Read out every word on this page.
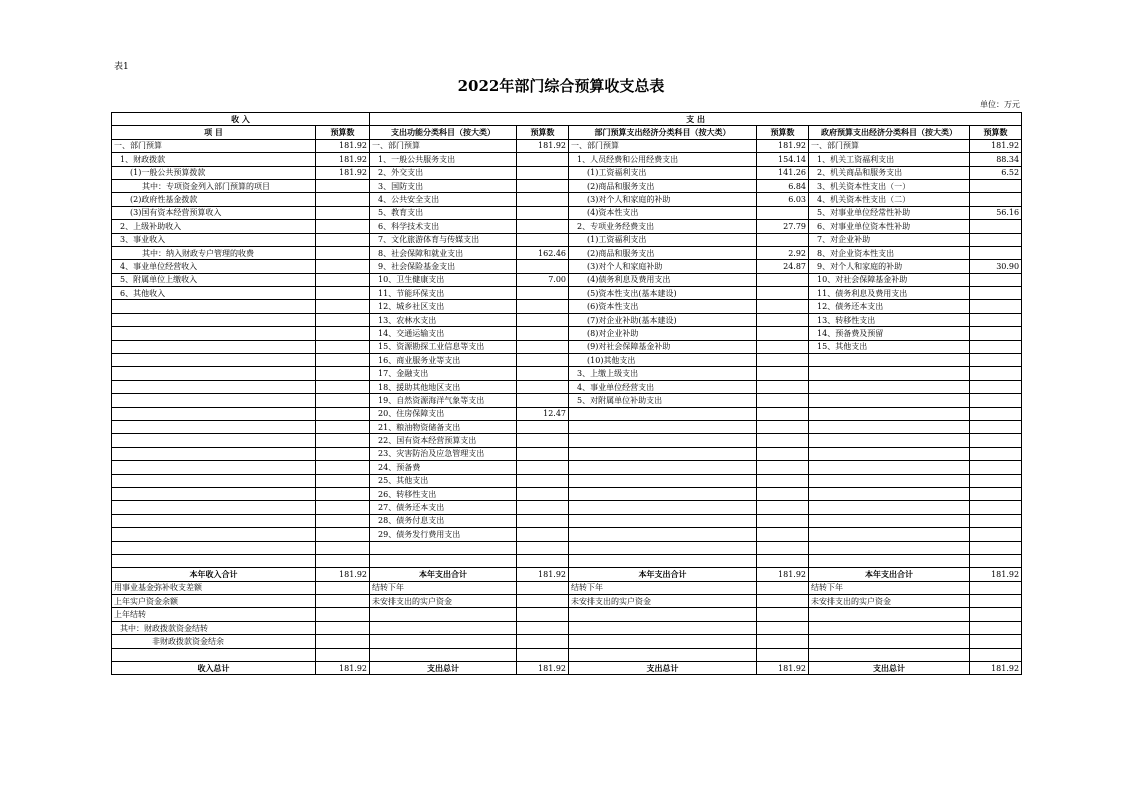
表1
2022年部门综合预算收支总表
单位：万元
收 入		支 出					
项 目	预算数	支出功能分类科目（按大类）	预算数	部门预算支出经济分类科目（按大类）	预算数	政府预算支出经济分类科目（按大类）	预算数
一、部门预算	181.92	一、部门预算	181.92	一、部门预算	181.92	一、部门预算	181.92
1、财政拨款	181.92	1、一般公共服务支出		1、人员经费和公用经费支出	154.14	1、机关工资福利支出	88.34
(1)一般公共预算拨款	181.92	2、外交支出		(1)工资福利支出	141.26	2、机关商品和服务支出	6.52
其中：专项资金列入部门预算的项目		3、国防支出		(2)商品和服务支出	6.84	3、机关资本性支出（一）	
(2)政府性基金拨款		4、公共安全支出		(3)对个人和家庭的补助	6.03	4、机关资本性支出（二）	
(3)国有资本经营预算收入		5、教育支出		(4)资本性支出		5、对事业单位经常性补助	56.16
2、上级补助收入		6、科学技术支出		2、专项业务经费支出	27.79	6、对事业单位资本性补助	
3、事业收入		7、文化旅游体育与传媒支出		(1)工资福利支出		7、对企业补助	
其中：纳入财政专户管理的收费		8、社会保障和就业支出	162.46	(2)商品和服务支出	2.92	8、对企业资本性支出	
4、事业单位经营收入		9、社会保险基金支出		(3)对个人和家庭补助	24.87	9、对个人和家庭的补助	30.90
5、附属单位上缴收入		10、卫生健康支出	7.00	(4)债务利息及费用支出		10、对社会保障基金补助	
6、其他收入		11、节能环保支出		(5)资本性支出(基本建设)		11、债务利息及费用支出	
		12、城乡社区支出		(6)资本性支出		12、债务还本支出	
		13、农林水支出		(7)对企业补助(基本建设)		13、转移性支出	
		14、交通运输支出		(8)对企业补助		14、预备费及预留	
		15、资源勘探工业信息等支出		(9)对社会保障基金补助		15、其他支出	
		16、商业服务业等支出		(10)其他支出			
		17、金融支出		3、上缴上级支出			
		18、援助其他地区支出		4、事业单位经营支出			
		19、自然资源海洋气象等支出		5、对附属单位补助支出			
		20、住房保障支出	12.47				
		21、粮油物资储备支出					
		22、国有资本经营预算支出					
		23、灾害防治及应急管理支出					
		24、预备费					
		25、其他支出					
		26、转移性支出					
		27、债务还本支出					
		28、债务付息支出					
		29、债务发行费用支出					

本年收入合计	181.92	本年支出合计	181.92	本年支出合计	181.92	本年支出合计	181.92
用事业基金弥补收支差额		结转下年		结转下年		结转下年	
上年实户资金余额		未安排支出的实户资金		未安排支出的实户资金		未安排支出的实户资金	
上年结转							
其中：财政拨款资金结转							
非财政拨款资金结余							

收入总计	181.92	支出总计	181.92	支出总计	181.92	支出总计	181.92
